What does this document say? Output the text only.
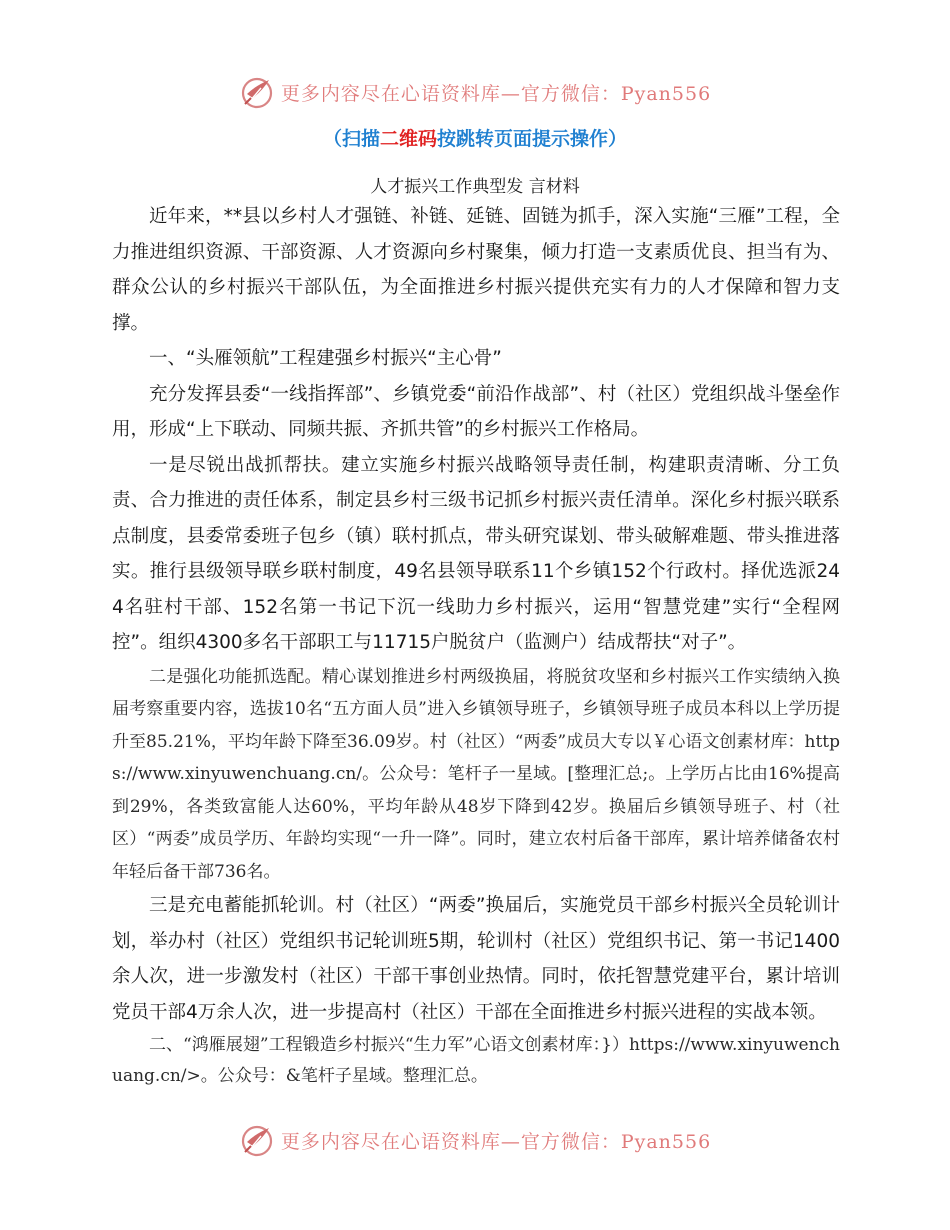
更多内容尽在心语资料库—官方微信：Pyan556
（扫描二维码按跳转页面提示操作）
人才振兴工作典型发 言材料

近年来，**县以乡村人才强链、补链、延链、固链为抓手，深入实施“三雁”工程，全力推进组织资源、干部资源、人才资源向乡村聚集，倾力打造一支素质优良、担当有为、群众公认的乡村振兴干部队伍，为全面推进乡村振兴提供充实有力的人才保障和智力支撑。

一、“头雁领航”工程建强乡村振兴“主心骨”

充分发挥县委“一线指挥部”、乡镇党委“前沿作战部”、村（社区）党组织战斗堡垒作用，形成“上下联动、同频共振、齐抓共管”的乡村振兴工作格局。

一是尽锐出战抓帮扶。建立实施乡村振兴战略领导责任制，构建职责清晰、分工负责、合力推进的责任体系，制定县乡村三级书记抓乡村振兴责任清单。深化乡村振兴联系点制度，县委常委班子包乡（镇）联村抓点，带头研究谋划、带头破解难题、带头推进落实。推行县级领导联乡联村制度，49名县领导联系11个乡镇152个行政村。择优选派244名驻村干部、152名第一书记下沉一线助力乡村振兴，运用“智慧党建”实行“全程网控”。组织4300多名干部职工与11715户脱贫户（监测户）结成帮扶“对子”。

二是强化功能抓选配。精心谋划推进乡村两级换届，将脱贫攻坚和乡村振兴工作实绩纳入换届考察重要内容，选拔10名“五方面人员”进入乡镇领导班子，乡镇领导班子成员本科以上学历提升至85.21%，平均年龄下降至36.09岁。村（社区）“两委”成员大专以￥心语文创素材库：https://www.xinyuwenchuang.cn/。公众号：笔杆子一星域。[整理汇总;。上学历占比由16%提高到29%，各类致富能人达60%，平均年龄从48岁下降到42岁。换届后乡镇领导班子、村（社区）“两委”成员学历、年龄均实现“一升一降”。同时，建立农村后备干部库，累计培养储备农村年轻后备干部736名。

三是充电蓄能抓轮训。村（社区）“两委”换届后，实施党员干部乡村振兴全员轮训计划，举办村（社区）党组织书记轮训班5期，轮训村（社区）党组织书记、第一书记1400余人次，进一步激发村（社区）干部干事创业热情。同时，依托智慧党建平台，累计培训党员干部4万余人次，进一步提高村（社区）干部在全面推进乡村振兴进程的实战本领。

二、“鸿雁展翅”工程锻造乡村振兴“生力军”心语文创素材库：}）https://www.xinyuwenchuang.cn/>。公众号：&笔杆子星域。整理汇总。

更多内容尽在心语资料库—官方微信：Pyan556
